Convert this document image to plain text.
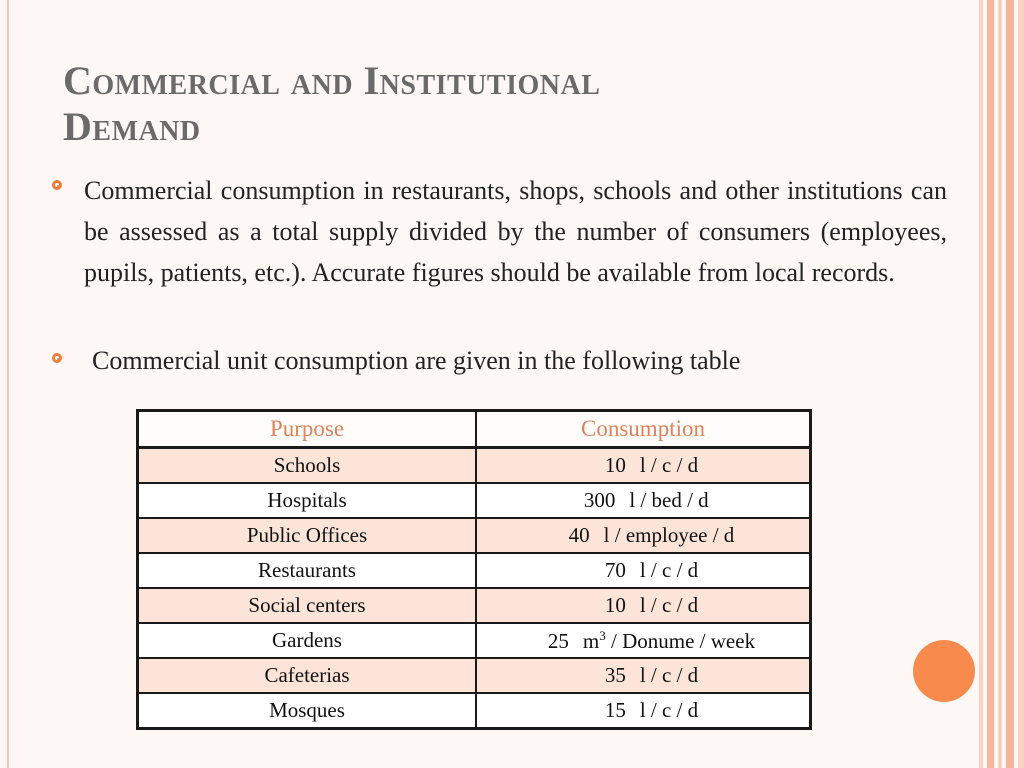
Commercial and Institutional
Demand
Commercial consumption in restaurants, shops, schools and other institutions can be assessed as a total supply divided by the number of consumers (employees, pupils, patients, etc.). Accurate figures should be available from local records.
Commercial unit consumption are given in the following table
Purpose	Consumption
Schools	10 l / c / d
Hospitals	300 l / bed / d
Public Offices	40 l / employee / d
Restaurants	70 l / c / d
Social centers	10 l / c / d
Gardens	25 $m^3$ / Donume / week
Cafeterias	35 l / c / d
Mosques	15 l / c / d
